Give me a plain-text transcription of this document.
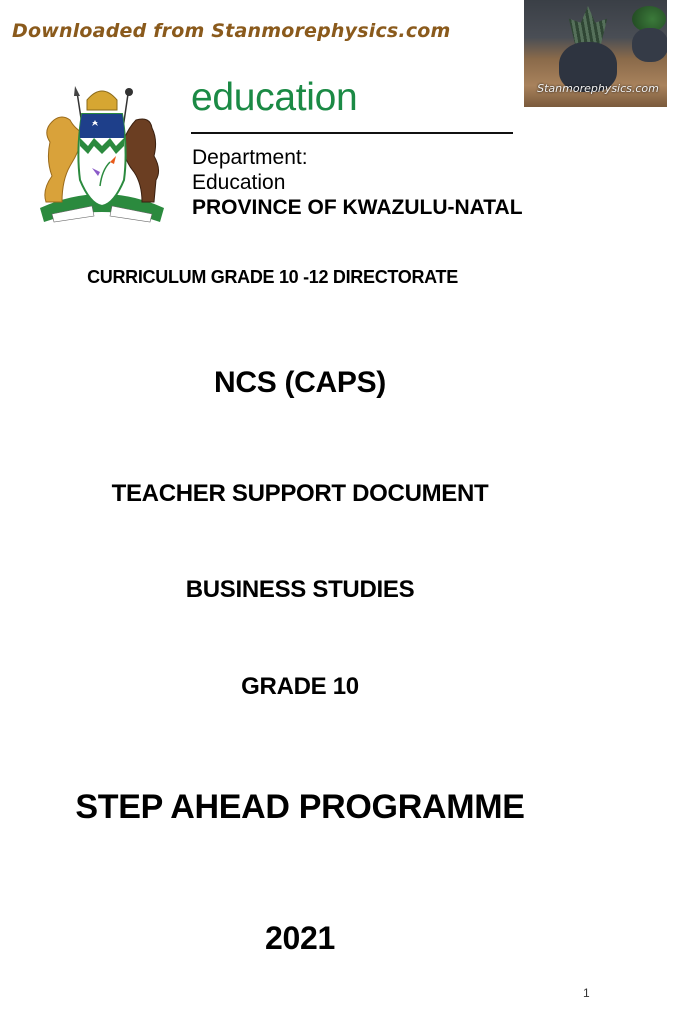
Downloaded from Stanmorephysics.com
Stanmorephysics.com
education
Department:
Education
PROVINCE OF KWAZULU-NATAL
CURRICULUM GRADE 10 -12 DIRECTORATE
NCS (CAPS)
TEACHER SUPPORT DOCUMENT
BUSINESS STUDIES
GRADE 10
STEP AHEAD PROGRAMME
2021
1
